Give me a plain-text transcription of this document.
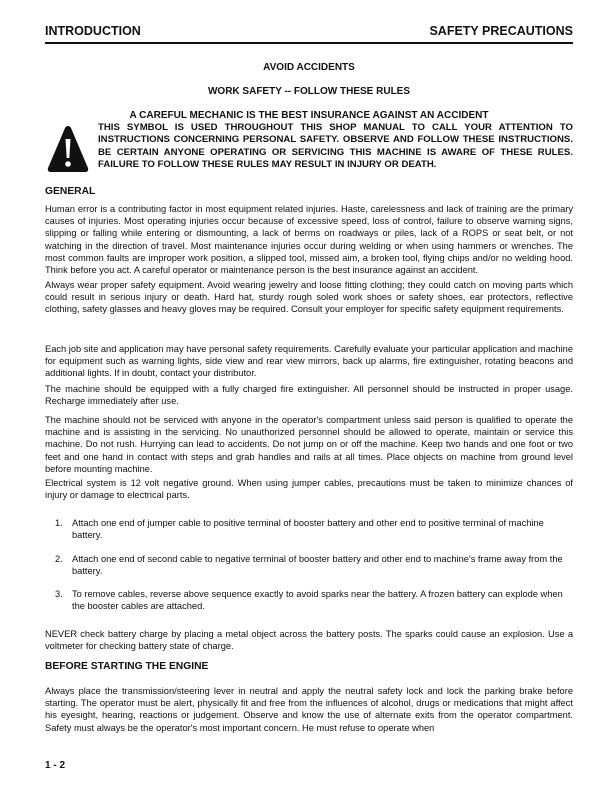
INTRODUCTION	SAFETY PRECAUTIONS
AVOID ACCIDENTS
WORK SAFETY -- FOLLOW THESE RULES
A CAREFUL MECHANIC IS THE BEST INSURANCE AGAINST AN ACCIDENT
THIS SYMBOL IS USED THROUGHOUT THIS SHOP MANUAL TO CALL YOUR ATTENTION TO INSTRUCTIONS CONCERNING PERSONAL SAFETY. OBSERVE AND FOLLOW THESE INSTRUCTIONS. BE CERTAIN ANYONE OPERATING OR SERVICING THIS MACHINE IS AWARE OF THESE RULES. FAILURE TO FOLLOW THESE RULES MAY RESULT IN INJURY OR DEATH.
GENERAL
Human error is a contributing factor in most equipment related injuries. Haste, carelessness and lack of training are the primary causes of injuries. Most operating injuries occur because of excessive speed, loss of control, failure to observe warning signs, slipping or falling while entering or dismounting, a lack of berms on roadways or piles, lack of a ROPS or seat belt, or not watching in the direction of travel. Most maintenance injuries occur during welding or when using hammers or wrenches. The most common faults are improper work position, a slipped tool, missed aim, a broken tool, flying chips and/or no welding hood. Think before you act. A careful operator or maintenance person is the best insurance against an accident.
Always wear proper safety equipment. Avoid wearing jewelry and loose fitting clothing; they could catch on moving parts which could result in serious injury or death. Hard hat, sturdy rough soled work shoes or safety shoes, ear protectors, reflective clothing, safety glasses and heavy gloves may be required. Consult your employer for specific safety equipment requirements.
Each job site and application may have personal safety requirements. Carefully evaluate your particular application and machine for equipment such as warning lights, side view and rear view mirrors, back up alarms, fire extinguisher, rotating beacons and additional lights. If in doubt, contact your distributor.
The machine should be equipped with a fully charged fire extinguisher. All personnel should be instructed in proper usage. Recharge immediately after use.
The machine should not be serviced with anyone in the operator's compartment unless said person is qualified to operate the machine and is assisting in the servicing. No unauthorized personnel should be allowed to operate, maintain or service this machine. Do not rush. Hurrying can lead to accidents. Do not jump on or off the machine. Keep two hands and one foot or two feet and one hand in contact with steps and grab handles and rails at all times. Place objects on machine from ground level before mounting machine.
Electrical system is 12 volt negative ground. When using jumper cables, precautions must be taken to minimize chances of injury or damage to electrical parts.
1. Attach one end of jumper cable to positive terminal of booster battery and other end to positive terminal of machine battery.
2. Attach one end of second cable to negative terminal of booster battery and other end to machine's frame away from the battery.
3. To remove cables, reverse above sequence exactly to avoid sparks near the battery. A frozen battery can explode when the booster cables are attached.
NEVER check battery charge by placing a metal object across the battery posts. The sparks could cause an explosion. Use a voltmeter for checking battery state of charge.
BEFORE STARTING THE ENGINE
Always place the transmission/steering lever in neutral and apply the neutral safety lock and lock the parking brake before starting. The operator must be alert, physically fit and free from the influences of alcohol, drugs or medications that might affect his eyesight, hearing, reactions or judgement. Observe and know the use of alternate exits from the operator compartment. Safety must always be the operator's most important concern. He must refuse to operate when
1 - 2
